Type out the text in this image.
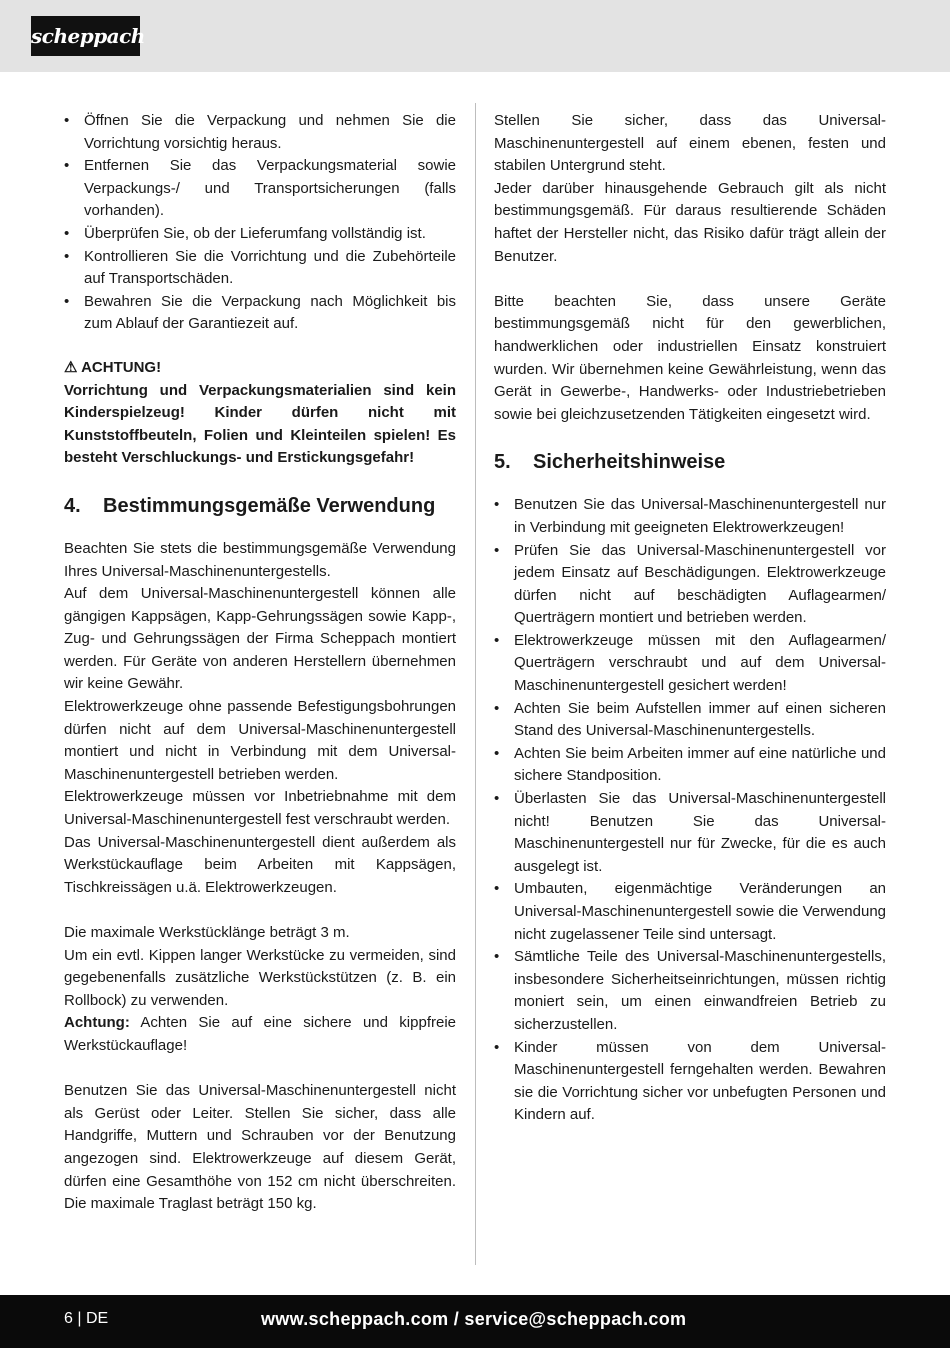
scheppach
• Öffnen Sie die Verpackung und nehmen Sie die Vorrichtung vorsichtig heraus.
• Entfernen Sie das Verpackungsmaterial sowie Verpackungs-/ und Transportsicherungen (falls vorhanden).
• Überprüfen Sie, ob der Lieferumfang vollständig ist.
• Kontrollieren Sie die Vorrichtung und die Zubehörteile auf Transportschäden.
• Bewahren Sie die Verpackung nach Möglichkeit bis zum Ablauf der Garantiezeit auf.
⚠ ACHTUNG!

Vorrichtung und Verpackungsmaterialien sind kein Kinderspielzeug! Kinder dürfen nicht mit Kunststoffbeuteln, Folien und Kleinteilen spielen! Es besteht Verschluckungs- und Erstickungsgefahr!

4. Bestimmungsgemäße Verwendung

Beachten Sie stets die bestimmungsgemäße Verwendung Ihres Universal-Maschinenuntergestells.

Auf dem Universal-Maschinenuntergestell können alle gängigen Kappsägen, Kapp-Gehrungssägen sowie Kapp-, Zug- und Gehrungssägen der Firma Scheppach montiert werden. Für Geräte von anderen Herstellern übernehmen wir keine Gewähr.

Elektrowerkzeuge ohne passende Befestigungsbohrungen dürfen nicht auf dem Universal-Maschinenuntergestell montiert und nicht in Verbindung mit dem Universal-Maschinenuntergestell betrieben werden.

Elektrowerkzeuge müssen vor Inbetriebnahme mit dem Universal-Maschinenuntergestell fest verschraubt werden.

Das Universal-Maschinenuntergestell dient außerdem als Werkstückauflage beim Arbeiten mit Kappsägen, Tischkreissägen u.ä. Elektrowerkzeugen.

Die maximale Werkstücklänge beträgt 3 m.

Um ein evtl. Kippen langer Werkstücke zu vermeiden, sind gegebenenfalls zusätzliche Werkstückstützen (z. B. ein Rollbock) zu verwenden.

Achtung: Achten Sie auf eine sichere und kippfreie Werkstückauflage!

Benutzen Sie das Universal-Maschinenuntergestell nicht als Gerüst oder Leiter. Stellen Sie sicher, dass alle Handgriffe, Muttern und Schrauben vor der Benutzung angezogen sind. Elektrowerkzeuge auf diesem Gerät, dürfen eine Gesamthöhe von 152 cm nicht überschreiten. Die maximale Traglast beträgt 150 kg.

Stellen Sie sicher, dass das Universal-Maschinenuntergestell auf einem ebenen, festen und stabilen Untergrund steht.

Jeder darüber hinausgehende Gebrauch gilt als nicht bestimmungsgemäß. Für daraus resultierende Schäden haftet der Hersteller nicht, das Risiko dafür trägt allein der Benutzer.

Bitte beachten Sie, dass unsere Geräte bestimmungsgemäß nicht für den gewerblichen, handwerklichen oder industriellen Einsatz konstruiert wurden. Wir übernehmen keine Gewährleistung, wenn das Gerät in Gewerbe-, Handwerks- oder Industriebetrieben sowie bei gleichzusetzenden Tätigkeiten eingesetzt wird.

5. Sicherheitshinweise
• Benutzen Sie das Universal-Maschinenuntergestell nur in Verbindung mit geeigneten Elektrowerkzeugen!
• Prüfen Sie das Universal-Maschinenuntergestell vor jedem Einsatz auf Beschädigungen. Elektrowerkzeuge dürfen nicht auf beschädigten Auflagearmen/ Querträgern montiert und betrieben werden.
• Elektrowerkzeuge müssen mit den Auflagearmen/ Querträgern verschraubt und auf dem Universal-Maschinenuntergestell gesichert werden!
• Achten Sie beim Aufstellen immer auf einen sicheren Stand des Universal-Maschinenuntergestells.
• Achten Sie beim Arbeiten immer auf eine natürliche und sichere Standposition.
• Überlasten Sie das Universal-Maschinenuntergestell nicht! Benutzen Sie das Universal-Maschinenuntergestell nur für Zwecke, für die es auch ausgelegt ist.
• Umbauten, eigenmächtige Veränderungen an Universal-Maschinenuntergestell sowie die Verwendung nicht zugelassener Teile sind untersagt.
• Sämtliche Teile des Universal-Maschinenuntergestells, insbesondere Sicherheitseinrichtungen, müssen richtig moniert sein, um einen einwandfreien Betrieb zu sicherzustellen.
• Kinder müssen von dem Universal-Maschinenuntergestell ferngehalten werden. Bewahren sie die Vorrichtung sicher vor unbefugten Personen und Kindern auf.
6 | DE	www.scheppach.com / service@scheppach.com
